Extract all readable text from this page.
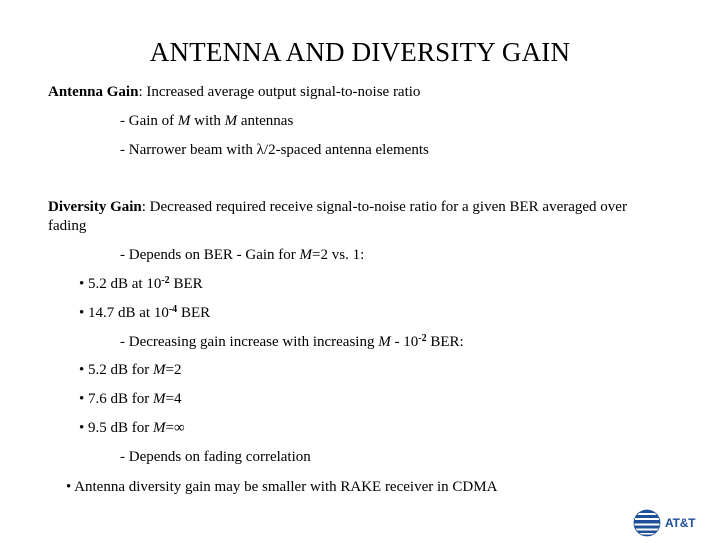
ANTENNA AND DIVERSITY GAIN
Antenna Gain: Increased average output signal-to-noise ratio
- Gain of M with M antennas
- Narrower beam with λ/2-spaced antenna elements
Diversity Gain: Decreased required receive signal-to-noise ratio for a given BER averaged over fading
- Depends on BER - Gain for M=2 vs. 1:
• 5.2 dB at $10^{-2}$ BER
• 14.7 dB at $10^{-4}$ BER
- Decreasing gain increase with increasing M - $10^{-2}$ BER:
• 5.2 dB for M=2
• 7.6 dB for M=4
• 9.5 dB for M=∞
- Depends on fading correlation
• Antenna diversity gain may be smaller with RAKE receiver in CDMA
AT&T
